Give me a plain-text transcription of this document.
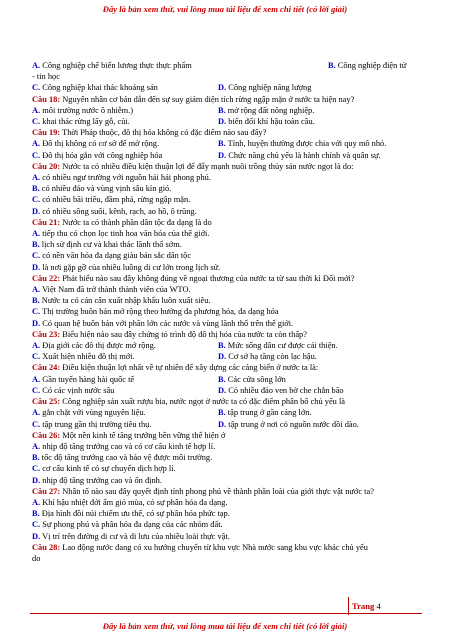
Đây là bản xem thử, vui lòng mua tài liệu để xem chi tiết (có lời giải)
A. Công nghiệp chế biến lương thực thực phẩm	B. Công nghiệp điện tử
- tin học
C. Công nghiệp khai thác khoáng sản	D. Công nghiệp năng lượng
Câu 18: Nguyên nhân cơ bản dẫn đến sự suy giảm diện tích rừng ngập mặn ở nước ta hiện nay?
A. môi trường nước ô nhiễm.)	B. mở rộng đất nông nghiệp.
C. khai thác rừng lấy gỗ, củi.	D. biến đổi khí hậu toàn cầu.
Câu 19: Thời Pháp thuộc, đô thị hóa không có đặc điểm nào sau đây?
A. Đô thị không có cơ sở để mở rộng.	B. Tỉnh, huyện thường được chia với quy mô nhỏ.
C. Đô thị hóa gắn với công nghiệp hóa	D. Chức năng chủ yếu là hành chính và quân sự.
Câu 20: Nước ta có nhiều điều kiện thuận lợi để đẩy mạnh nuôi trồng thủy sản nước ngọt là do:
A. có nhiều ngư trường với nguồn hải hải phong phú.
B. có nhiều đảo và vùng vịnh sâu kín gió.
C. có nhiều bãi triều, đầm phá, rừng ngập mặn.
D. có nhiều sông suối, kênh, rạch, ao hồ, ô trũng.
Câu 21: Nước ta có thành phần dân tộc đa dạng là do
A. tiếp thu có chọn lọc tinh hoa văn hóa của thế giới.
B. lịch sử định cư và khai thác lãnh thổ sớm.
C. có nền văn hóa đa dạng giàu bản sắc dân tộc
D. là nơi gặp gỡ của nhiều luồng di cư lớn trong lịch sử.
Câu 22: Phát biểu nào sau đây không đúng về ngoại thương của nước ta từ sau thời kì Đổi mới?
A. Việt Nam đã trở thành thành viên của WTO.
B. Nước ta có cán cân xuất nhập khẩu luôn xuất siêu.
C. Thị trường buôn bán mở rộng theo hướng đa phương hóa, đa dạng hóa
D. Có quan hệ buôn bán với phần lớn các nước và vùng lãnh thổ trên thế giới.
Câu 23: Biểu hiện nào sau đây chứng tỏ trình độ đô thị hóa của nước ta còn thấp?
A. Địa giới các đô thị được mở rộng.	B. Mức sống dân cư được cải thiện.
C. Xuất hiện nhiều đô thị mới.	D. Cơ sở hạ tầng còn lạc hậu.
Câu 24: Điều kiện thuận lợi nhất về tự nhiên để xây dựng các cảng biển ở nước ta là:
A. Gần tuyến hàng hải quốc tế	B. Các cửa sông lớn
C. Có các vịnh nước sâu	D. Có nhiều đảo ven bờ che chắn bão
Câu 25: Công nghiệp sản xuất rượu bia, nước ngọt ở nước ta có đặc điểm phân bố chủ yếu là
A. gắn chặt với vùng nguyên liệu.	B. tập trung ở gần cảng lớn.
C. tập trung gần thị trường tiêu thụ.	D. tập trung ở nơi có nguồn nước dồi dào.
Câu 26: Một nền kinh tế tăng trưởng bền vững thể hiện ở
A. nhịp độ tăng trưởng cao và có cơ cấu kinh tế hợp lí.
B. tốc độ tăng trưởng cao và bảo vệ được môi trường.
C. cơ cấu kinh tế có sự chuyển dịch hợp lí.
D. nhịp độ tăng trưởng cao và ổn định.
Câu 27: Nhân tố nào sau đây quyết định tính phong phú về thành phần loài của giới thực vật nước ta?
A. Khí hậu nhiệt đới ẩm gió mùa, có sự phân hóa đa dạng.
B. Địa hình đồi núi chiếm ưu thế, có sự phân hóa phức tạp.
C. Sự phong phú và phân hóa đa dạng của các nhóm đất.
D. Vị trí trên đường di cư và di lưu của nhiều loài thực vật.
Câu 28: Lao động nước đang có xu hướng chuyển từ khu vực Nhà nước sang khu vực khác chủ yếu
do
Trang 4
Đây là bản xem thử, vui lòng mua tài liệu để xem chi tiết (có lời giải)
